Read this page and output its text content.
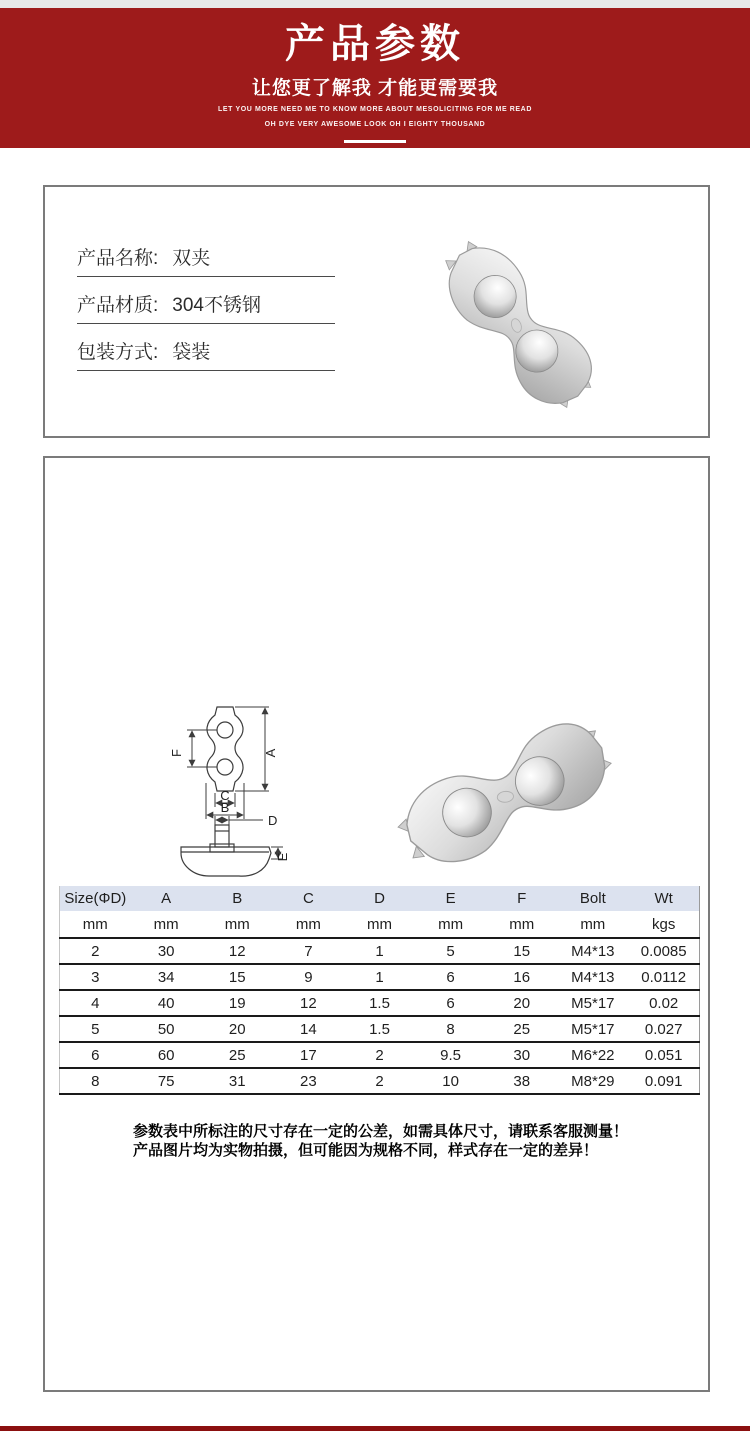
产品参数
让您更了解我 才能更需要我
LET YOU MORE NEED ME TO KNOW MORE ABOUT MESOLICITING FOR ME READ
OH DYE VERY AWESOME LOOK OH I EIGHTY THOUSAND
产品名称: 双夹
产品材质: 304不锈钢
包装方式: 袋装
A
F
C
B
D
E
Size(ΦD)	A	B	C	D	E	F	Bolt	Wt
mm	mm	mm	mm	mm	mm	mm	mm	kgs
2	30	12	7	1	5	15	M4*13	0.0085
3	34	15	9	1	6	16	M4*13	0.0112
4	40	19	12	1.5	6	20	M5*17	0.02
5	50	20	14	1.5	8	25	M5*17	0.027
6	60	25	17	2	9.5	30	M6*22	0.051
8	75	31	23	2	10	38	M8*29	0.091
参数表中所标注的尺寸存在一定的公差，如需具体尺寸，请联系客服测量！
产品图片均为实物拍摄，但可能因为规格不同，样式存在一定的差异！
